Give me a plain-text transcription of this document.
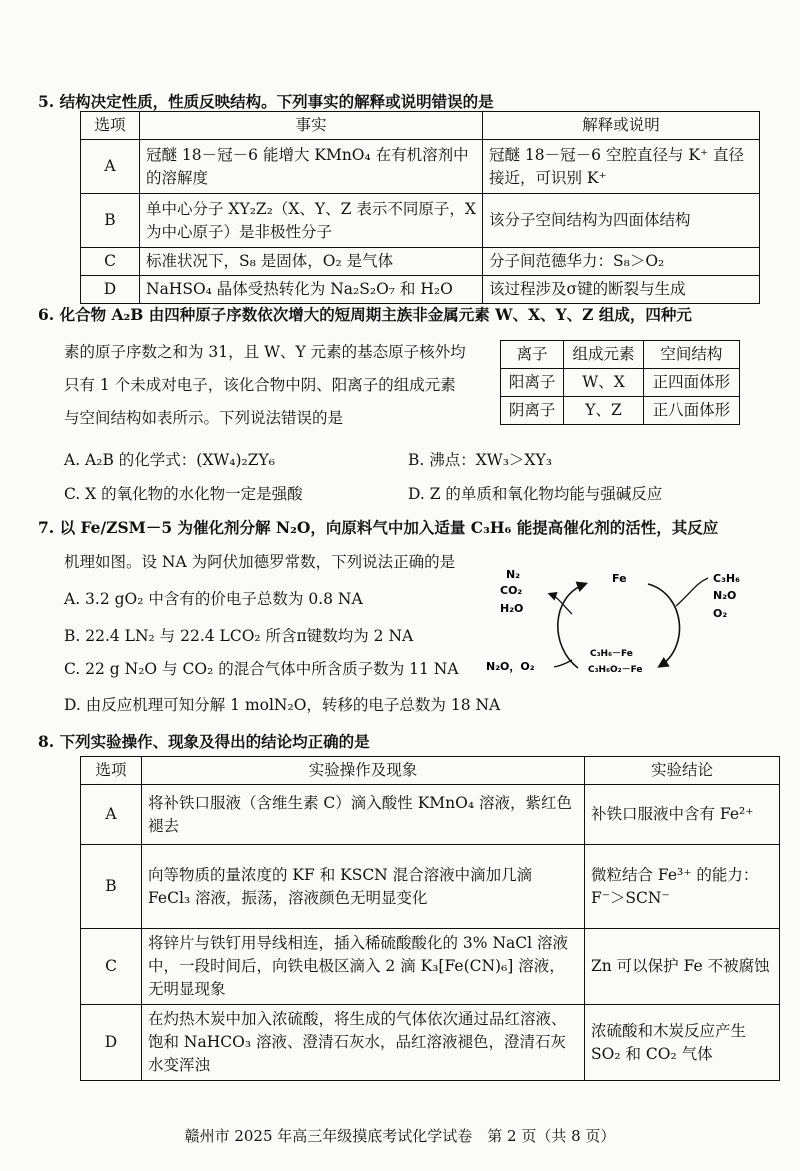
5. 结构决定性质，性质反映结构。下列事实的解释或说明错误的是
选项	事实	解释或说明
A	冠醚 18－冠－6 能增大 KMnO₄ 在有机溶剂中的溶解度	冠醚 18－冠－6 空腔直径与 K⁺ 直径接近，可识别 K⁺
B	单中心分子 XY₂Z₂（X、Y、Z 表示不同原子，X 为中心原子）是非极性分子	该分子空间结构为四面体结构
C	标准状况下，S₈ 是固体，O₂ 是气体	分子间范德华力：S₈＞O₂
D	NaHSO₄ 晶体受热转化为 Na₂S₂O₇ 和 H₂O	该过程涉及σ键的断裂与生成
6. 化合物 A₂B 由四种原子序数依次增大的短周期主族非金属元素 W、X、Y、Z 组成，四种元
素的原子序数之和为 31，且 W、Y 元素的基态原子核外均
只有 1 个未成对电子，该化合物中阴、阳离子的组成元素
与空间结构如表所示。下列说法错误的是
离子	组成元素	空间结构
阳离子	W、X	正四面体形
阴离子	Y、Z	正八面体形
A. A₂B 的化学式：(XW₄)₂ZY₆	B. 沸点：XW₃＞XY₃
C. X 的氧化物的水化物一定是强酸	D. Z 的单质和氧化物均能与强碱反应
7. 以 Fe/ZSM－5 为催化剂分解 N₂O，向原料气中加入适量 C₃H₆ 能提高催化剂的活性，其反应
机理如图。设 NA 为阿伏加德罗常数，下列说法正确的是
A. 3.2 gO₂ 中含有的价电子总数为 0.8 NA
B. 22.4 LN₂ 与 22.4 LCO₂ 所含π键数均为 2 NA
C. 22 g N₂O 与 CO₂ 的混合气体中所含质子数为 11 NA
D. 由反应机理可知分解 1 molN₂O，转移的电子总数为 18 NA
N₂
CO₂
H₂O
Fe	C₃H₆
N₂O
O₂
C₃H₆－Fe
C₃H₆O₂－Fe
N₂O，O₂
8. 下列实验操作、现象及得出的结论均正确的是
选项	实验操作及现象	实验结论
A	将补铁口服液（含维生素 C）滴入酸性 KMnO₄ 溶液，紫红色褪去	补铁口服液中含有 Fe²⁺
B	向等物质的量浓度的 KF 和 KSCN 混合溶液中滴加几滴 FeCl₃ 溶液，振荡，溶液颜色无明显变化	微粒结合 Fe³⁺ 的能力：F⁻＞SCN⁻
C	将锌片与铁钉用导线相连，插入稀硫酸酸化的 3% NaCl 溶液中，一段时间后，向铁电极区滴入 2 滴 K₃[Fe(CN)₆] 溶液，无明显现象	Zn 可以保护 Fe 不被腐蚀
D	在灼热木炭中加入浓硫酸，将生成的气体依次通过品红溶液、饱和 NaHCO₃ 溶液、澄清石灰水，品红溶液褪色，澄清石灰水变浑浊	浓硫酸和木炭反应产生 SO₂ 和 CO₂ 气体
赣州市 2025 年高三年级摸底考试化学试卷　第 2 页（共 8 页）
